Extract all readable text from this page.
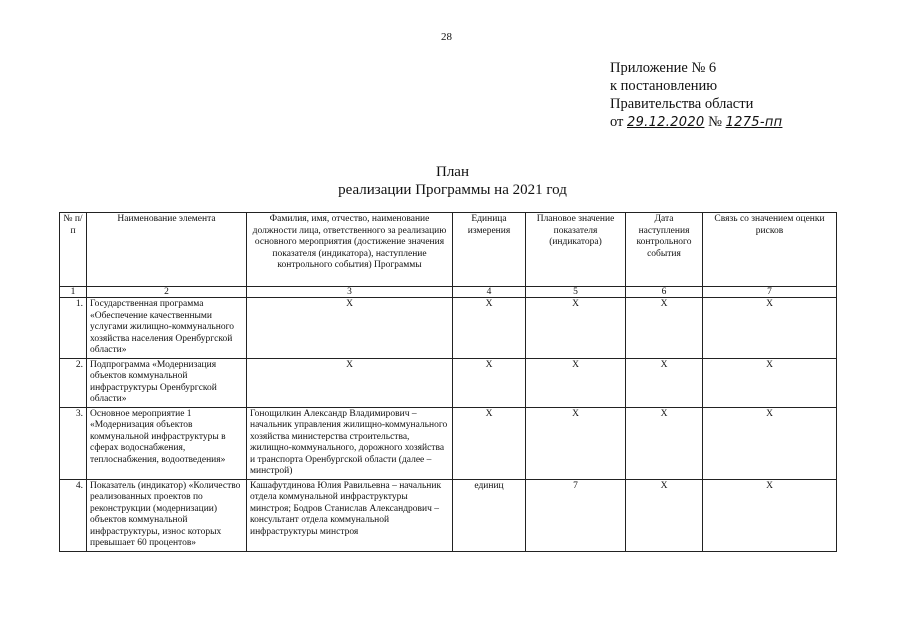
28
Приложение № 6
к постановлению
Правительства области
от 29.12.2020 № 1275-пп
План
реализации Программы на 2021 год
№ п/п	Наименование элемента	Фамилия, имя, отчество, наименование должности лица, ответственного за реализацию основного мероприятия (достижение значения показателя (индикатора), наступление контрольного события) Программы	Единица измерения	Плановое значение показателя (индикатора)	Дата наступления контрольного события	Связь со значением оценки рисков
1	2	3	4	5	6	7
1.	Государственная программа «Обеспечение качественными услугами жилищно-коммунального хозяйства населения Оренбургской области»	Х	Х	Х	Х	Х
2.	Подпрограмма «Модернизация объектов коммунальной инфраструктуры Оренбургской области»	Х	Х	Х	Х	Х
3.	Основное мероприятие 1 «Модернизация объектов коммунальной инфраструктуры в сферах водоснабжения, теплоснабжения, водоотведения»	Гонощилкин Александр Владимирович – начальник управления жилищно-коммунального хозяйства министерства строительства, жилищно-коммунального, дорожного хозяйства и транспорта Оренбургской области (далее – минстрой)	Х	Х	Х	Х
4.	Показатель (индикатор) «Количество реализованных проектов по реконструкции (модернизации) объектов коммунальной инфраструктуры, износ которых превышает 60 процентов»	Кашафутдинова Юлия Равильевна – начальник отдела коммунальной инфраструктуры минстроя; Бодров Станислав Александрович – консультант отдела коммунальной инфраструктуры минстроя	единиц	7	Х	Х
